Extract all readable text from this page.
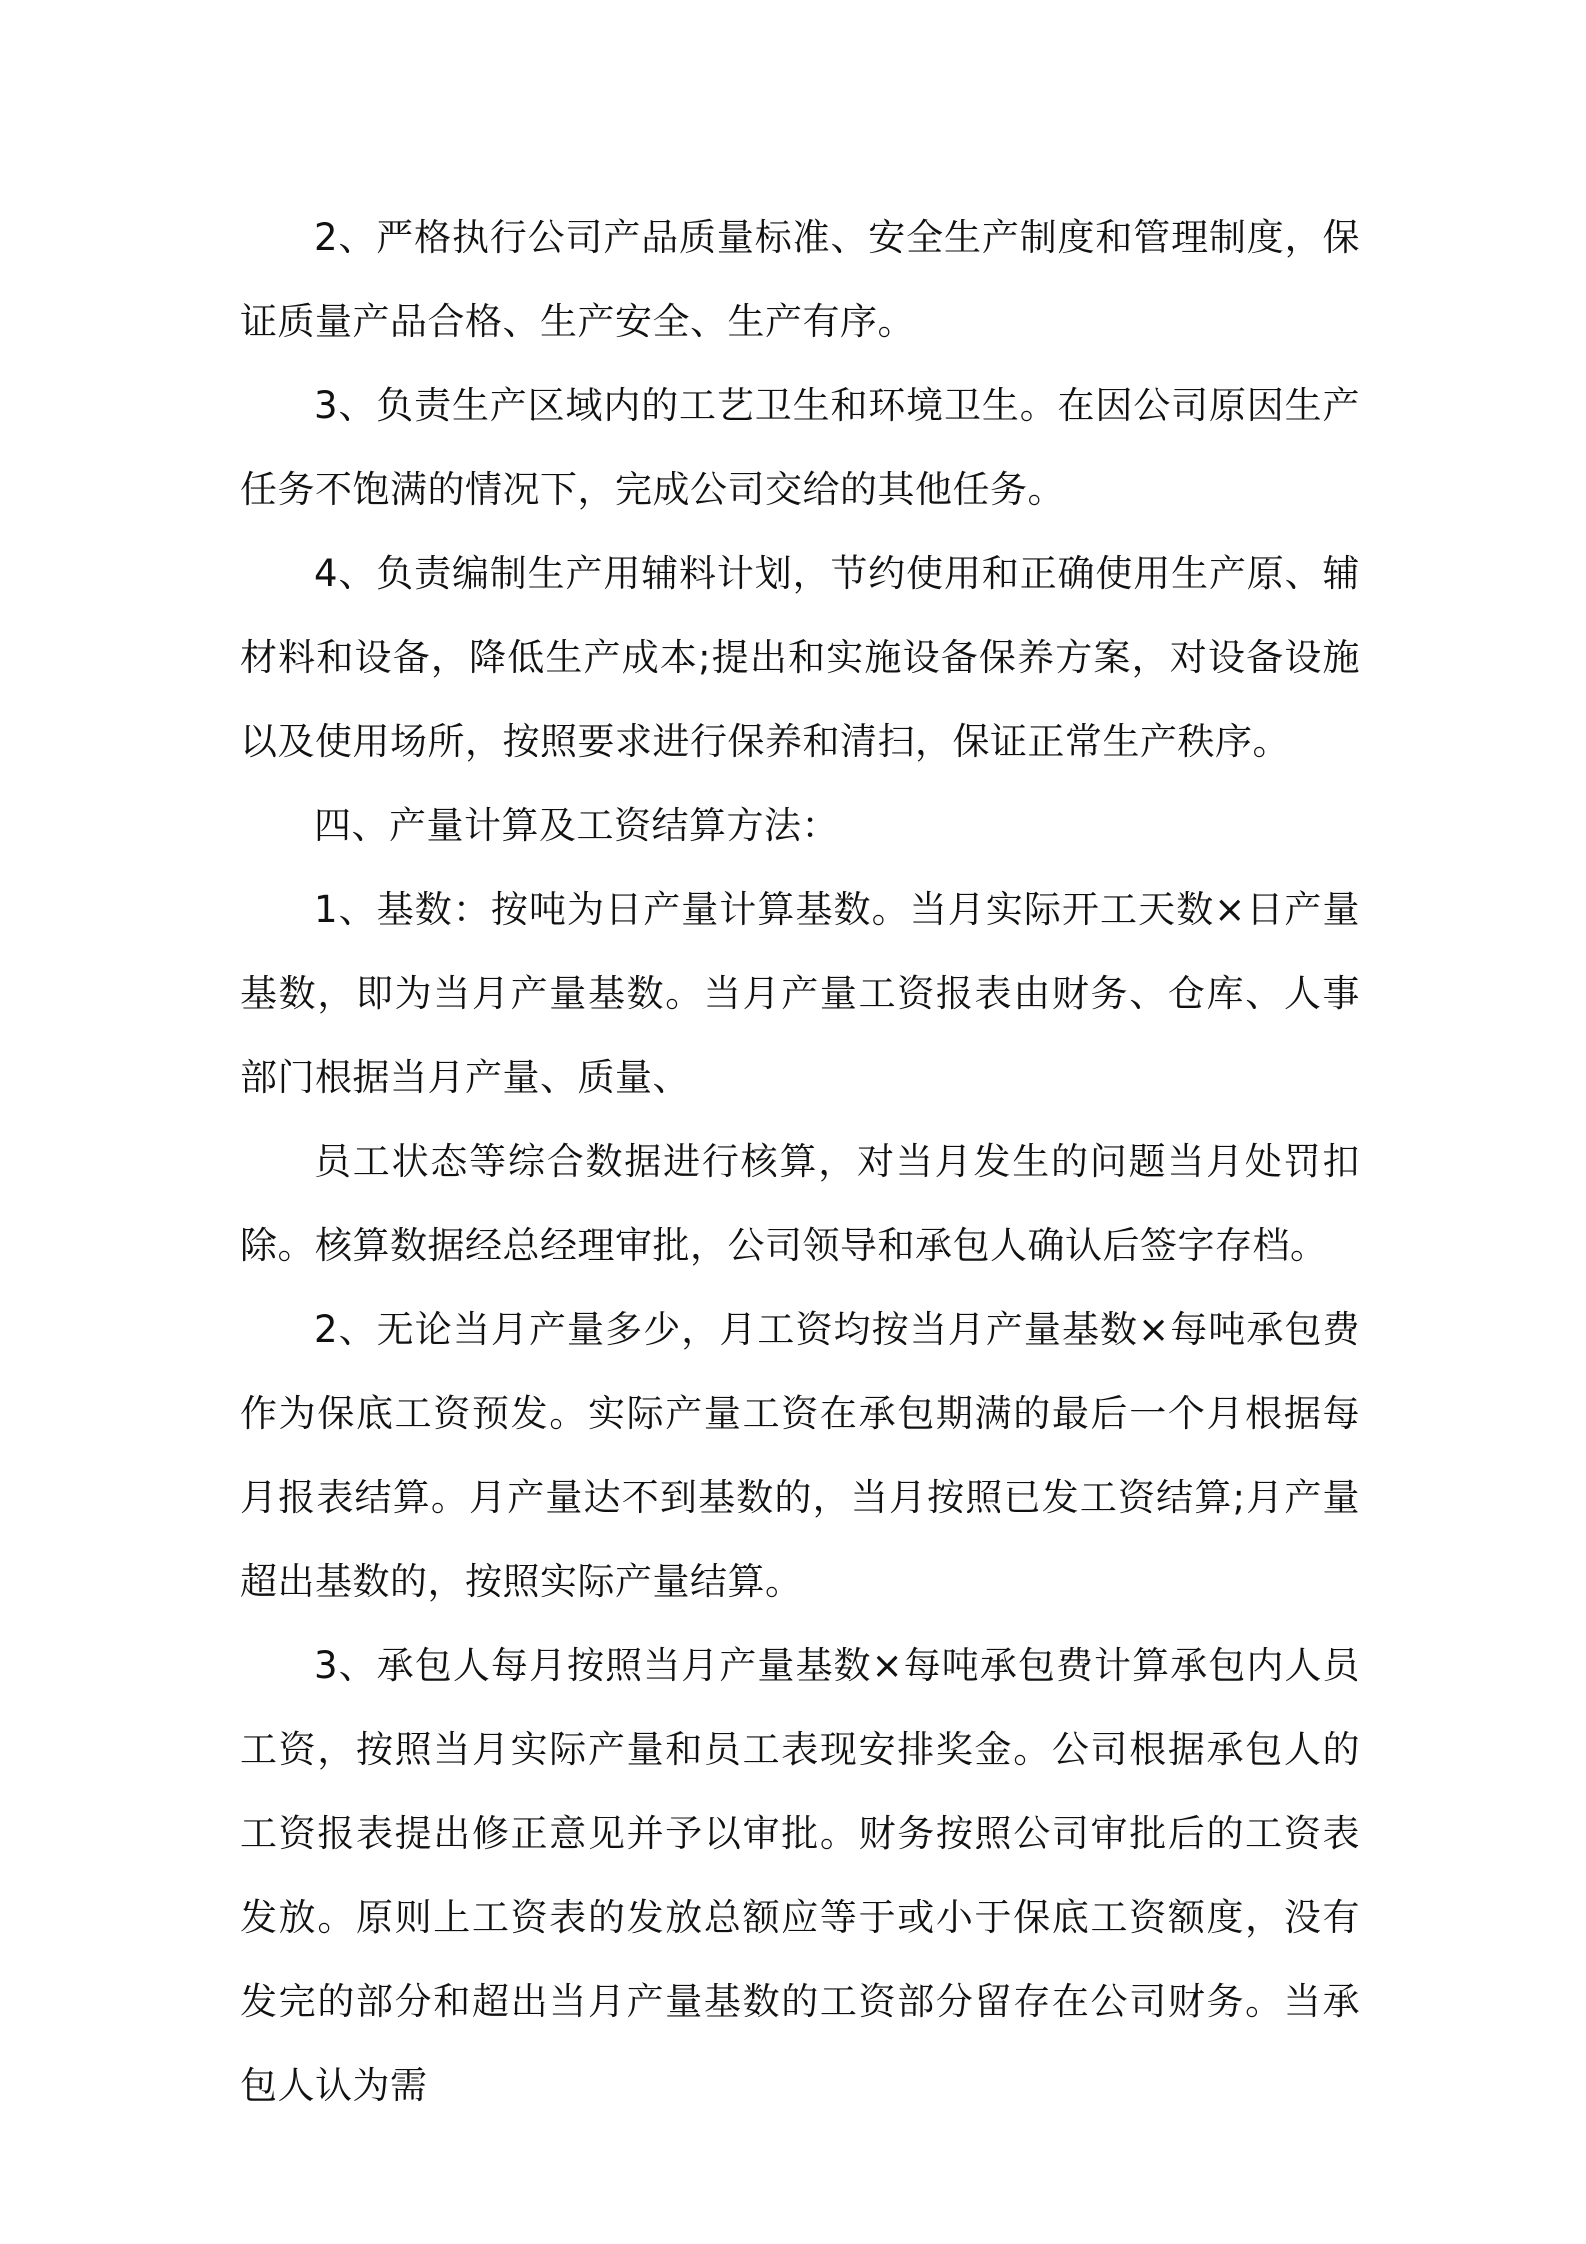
2、严格执行公司产品质量标准、安全生产制度和管理制度，保证质量产品合格、生产安全、生产有序。

3、负责生产区域内的工艺卫生和环境卫生。在因公司原因生产任务不饱满的情况下，完成公司交给的其他任务。

4、负责编制生产用辅料计划，节约使用和正确使用生产原、辅材料和设备，降低生产成本;提出和实施设备保养方案，对设备设施以及使用场所，按照要求进行保养和清扫，保证正常生产秩序。

四、产量计算及工资结算方法：

1、基数：按吨为日产量计算基数。当月实际开工天数×日产量基数，即为当月产量基数。当月产量工资报表由财务、仓库、人事部门根据当月产量、质量、

员工状态等综合数据进行核算，对当月发生的问题当月处罚扣除。核算数据经总经理审批，公司领导和承包人确认后签字存档。

2、无论当月产量多少，月工资均按当月产量基数×每吨承包费作为保底工资预发。实际产量工资在承包期满的最后一个月根据每月报表结算。月产量达不到基数的，当月按照已发工资结算;月产量超出基数的，按照实际产量结算。

3、承包人每月按照当月产量基数×每吨承包费计算承包内人员工资，按照当月实际产量和员工表现安排奖金。公司根据承包人的工资报表提出修正意见并予以审批。财务按照公司审批后的工资表发放。原则上工资表的发放总额应等于或小于保底工资额度，没有发完的部分和超出当月产量基数的工资部分留存在公司财务。当承包人认为需
